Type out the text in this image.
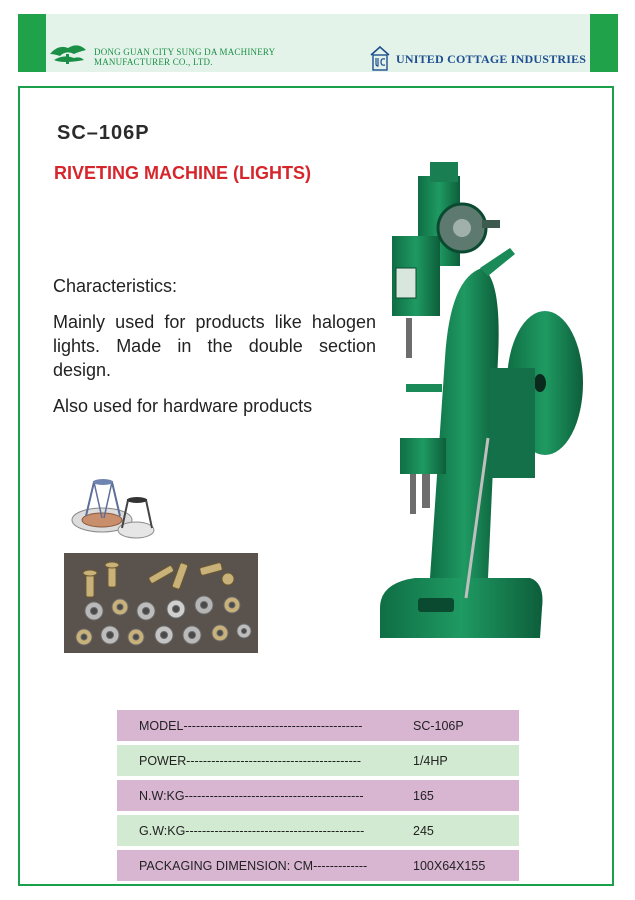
DONG GUAN CITY SUNG DA MACHINERY
MANUFACTURER CO., LTD.	UNITED COTTAGE INDUSTRIES
SC–106P
RIVETING MACHINE (LIGHTS)
Characteristics:
Mainly used for products like halogen lights. Made in the double section design.
Also used for hardware products
MODEL-------------------------------------------	SC-106P

POWER------------------------------------------	1/4HP

N.W:KG-------------------------------------------	165

G.W:KG-------------------------------------------	245

PACKAGING DIMENSION: CM-------------	100X64X155
